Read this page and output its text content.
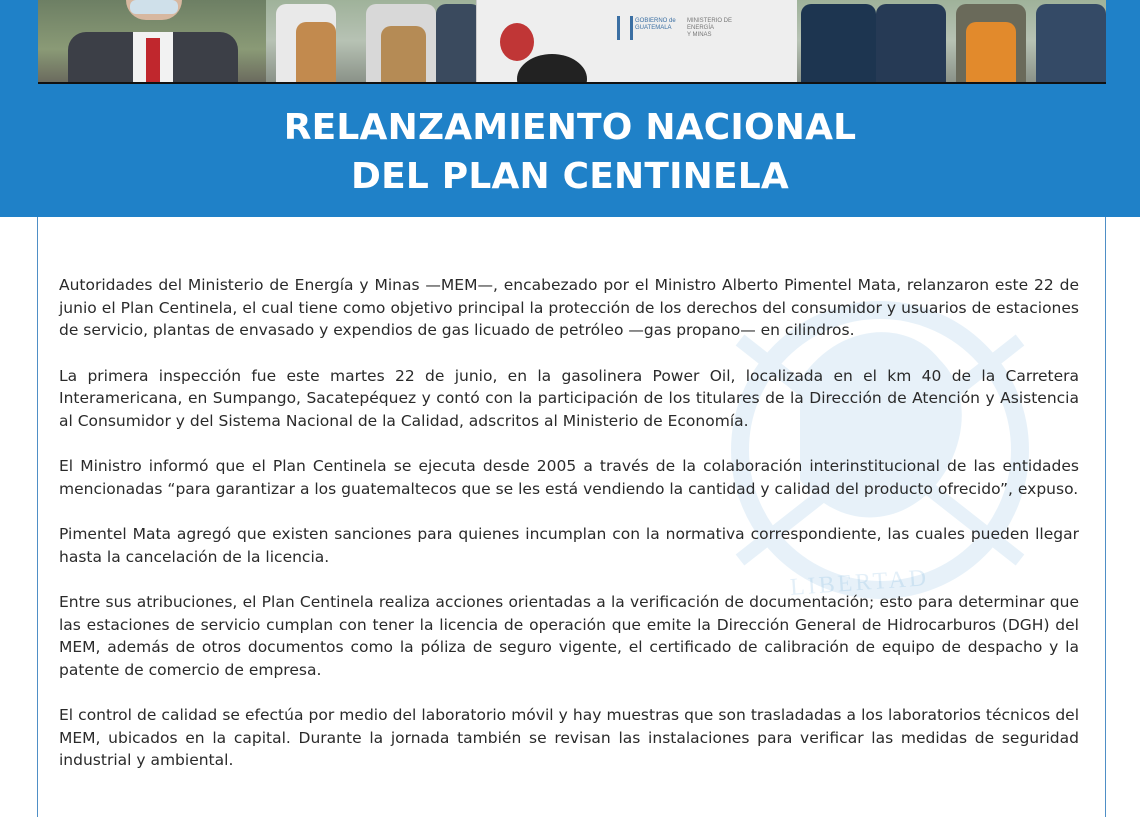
GOBIERNO de
GUATEMALA
MINISTERIO DE
ENERGÍA
Y MINAS
RELANZAMIENTO NACIONAL
DEL PLAN CENTINELA
LIBERTAD

Autoridades del Ministerio de Energía y Minas —MEM—, encabezado por el Ministro Alberto Pimentel Mata, relanzaron este 22 de junio el Plan Centinela, el cual tiene como objetivo principal la protección de los derechos del consumidor y usuarios de estaciones de servicio, plantas de envasado y expendios de gas licuado de petróleo —gas propano— en cilindros.

La primera inspección fue este martes 22 de junio, en la gasolinera Power Oil, localizada en el km 40 de la Carretera Interamericana, en Sumpango, Sacatepéquez y contó con la participación de los titulares de la Dirección de Atención y Asistencia al Consumidor y del Sistema Nacional de la Calidad, adscritos al Ministerio de Economía.

El Ministro informó que el Plan Centinela se ejecuta desde 2005 a través de la colaboración interinstitucional de las entidades mencionadas “para garantizar a los guatemaltecos que se les está vendiendo la cantidad y calidad del producto ofrecido”, expuso.

Pimentel Mata agregó que existen sanciones para quienes incumplan con la normativa correspondiente, las cuales pueden llegar hasta la cancelación de la licencia.

Entre sus atribuciones, el Plan Centinela realiza acciones orientadas a la verificación de documentación; esto para determinar que las estaciones de servicio cumplan con tener la licencia de operación que emite la Dirección General de Hidrocarburos (DGH) del MEM, además de otros documentos como la póliza de seguro vigente, el certificado de calibración de equipo de despacho y la patente de comercio de empresa.

El control de calidad se efectúa por medio del laboratorio móvil y hay muestras que son trasladadas a los laboratorios técnicos del MEM, ubicados en la capital. Durante la jornada también se revisan las instalaciones para verificar las medidas de seguridad industrial y ambiental.
